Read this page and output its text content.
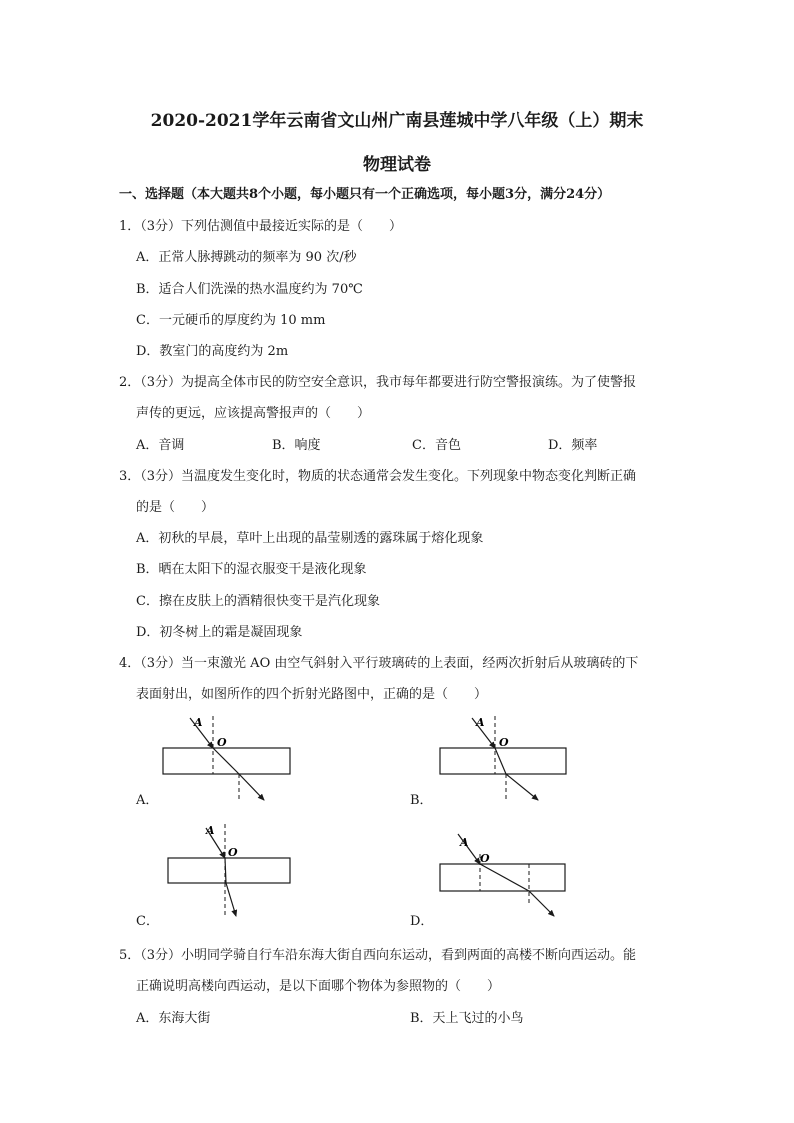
2020-2021学年云南省文山州广南县莲城中学八年级（上）期末
物理试卷
一、选择题（本大题共8个小题，每小题只有一个正确选项，每小题3分，满分24分）
1．（3分）下列估测值中最接近实际的是（　　）
A．正常人脉搏跳动的频率为 90 次/秒
B．适合人们洗澡的热水温度约为 70℃
C．一元硬币的厚度约为 10 mm
D．教室门的高度约为 2m
2．（3分）为提高全体市民的防空安全意识，我市每年都要进行防空警报演练。为了使警报
声传的更远，应该提高警报声的（　　）
A．音调	B．响度	C．音色	D．频率
3．（3分）当温度发生变化时，物质的状态通常会发生变化。下列现象中物态变化判断正确
的是（　　）
A．初秋的早晨，草叶上出现的晶莹剔透的露珠属于熔化现象
B．晒在太阳下的湿衣服变干是液化现象
C．擦在皮肤上的酒精很快变干是汽化现象
D．初冬树上的霜是凝固现象
4．（3分）当一束激光 AO 由空气斜射入平行玻璃砖的上表面，经两次折射后从玻璃砖的下
表面射出，如图所作的四个折射光路图中，正确的是（　　）
A
O
A．
A
O
B．
A
O
C．
A
O
D．
5．（3分）小明同学骑自行车沿东海大街自西向东运动，看到两面的高楼不断向西运动。能
正确说明高楼向西运动，是以下面哪个物体为参照物的（　　）
A．东海大街	B．天上飞过的小鸟
